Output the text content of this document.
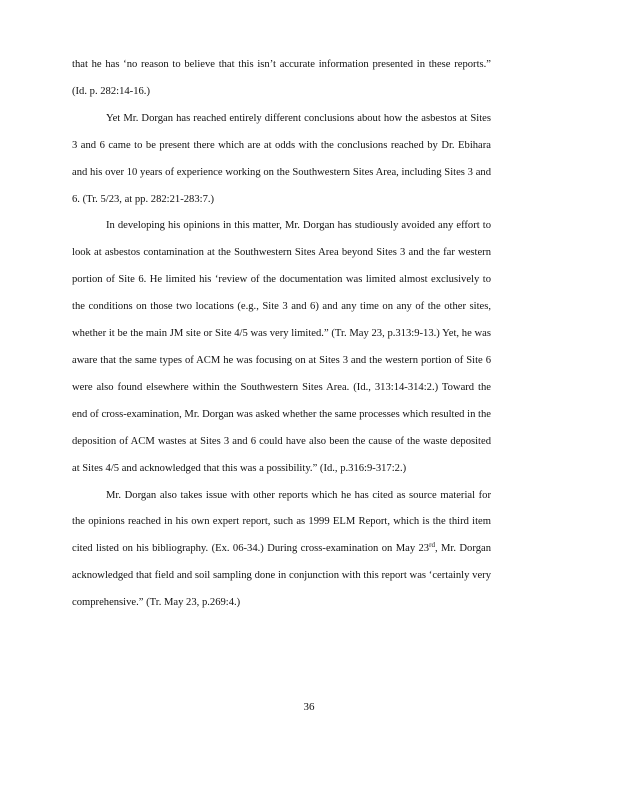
that he has ‘no reason to believe that this isn’t accurate information presented in these reports.” (Id. p. 282:14-16.)

Yet Mr. Dorgan has reached entirely different conclusions about how the asbestos at Sites 3 and 6 came to be present there which are at odds with the conclusions reached by Dr. Ebihara and his over 10 years of experience working on the Southwestern Sites Area, including Sites 3 and 6. (Tr. 5/23, at pp. 282:21-283:7.)

In developing his opinions in this matter, Mr. Dorgan has studiously avoided any effort to look at asbestos contamination at the Southwestern Sites Area beyond Sites 3 and the far western portion of Site 6. He limited his ‘review of the documentation was limited almost exclusively to the conditions on those two locations (e.g., Site 3 and 6) and any time on any of the other sites, whether it be the main JM site or Site 4/5 was very limited.” (Tr. May 23, p.313:9-13.) Yet, he was aware that the same types of ACM he was focusing on at Sites 3 and the western portion of Site 6 were also found elsewhere within the Southwestern Sites Area. (Id., 313:14-314:2.) Toward the end of cross-examination, Mr. Dorgan was asked whether the same processes which resulted in the deposition of ACM wastes at Sites 3 and 6 could have also been the cause of the waste deposited at Sites 4/5 and acknowledged that this was a possibility.” (Id., p.316:9-317:2.)

Mr. Dorgan also takes issue with other reports which he has cited as source material for the opinions reached in his own expert report, such as 1999 ELM Report, which is the third item cited listed on his bibliography. (Ex. 06-34.) During cross-examination on May 23rd, Mr. Dorgan acknowledged that field and soil sampling done in conjunction with this report was ‘certainly very comprehensive.” (Tr. May 23, p.269:4.)

36
